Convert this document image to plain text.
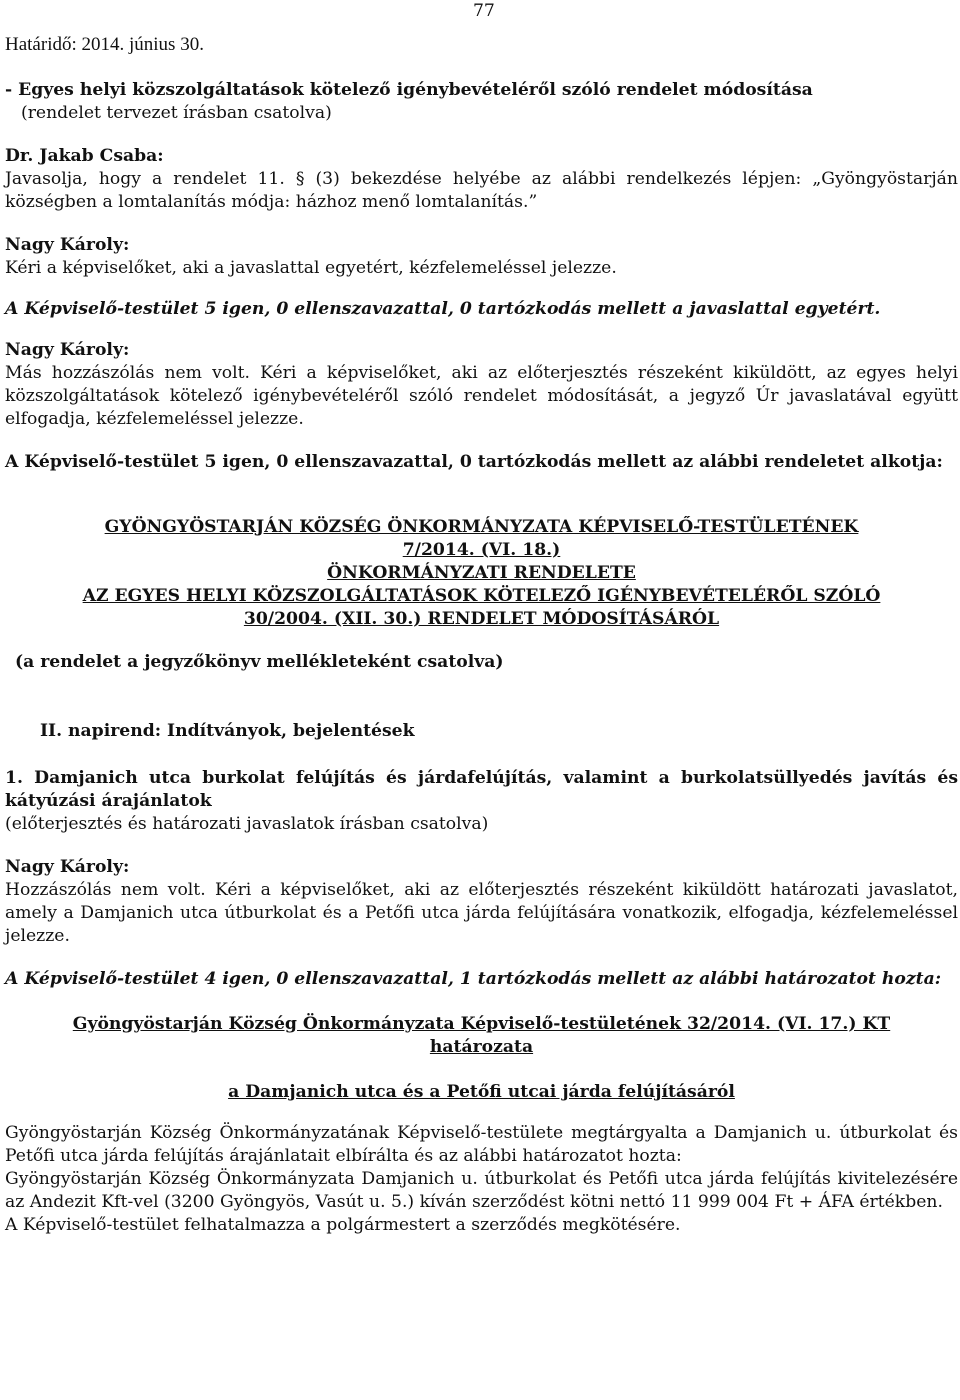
77
Határidő: 2014. június 30.

- Egyes helyi közszolgáltatások kötelező igénybevételéről szóló rendelet módosítása

(rendelet tervezet írásban csatolva)

Dr. Jakab Csaba:

Javasolja, hogy a rendelet 11. § (3) bekezdése helyébe az alábbi rendelkezés lépjen: „Gyöngyöstarján községben a lomtalanítás módja: házhoz menő lomtalanítás.”

Nagy Károly:

Kéri a képviselőket, aki a javaslattal egyetért, kézfelemeléssel jelezze.

A Képviselő-testület 5 igen, 0 ellenszavazattal, 0 tartózkodás mellett a javaslattal egyetért.

Nagy Károly:

Más hozzászólás nem volt. Kéri a képviselőket, aki az előterjesztés részeként kiküldött, az egyes helyi közszolgáltatások kötelező igénybevételéről szóló rendelet módosítását, a jegyző Úr javaslatával együtt elfogadja, kézfelemeléssel jelezze.

A Képviselő-testület 5 igen, 0 ellenszavazattal, 0 tartózkodás mellett az alábbi rendeletet alkotja:

GYÖNGYÖSTARJÁN KÖZSÉG ÖNKORMÁNYZATA KÉPVISELŐ-TESTÜLETÉNEK

7/2014. (VI. 18.)

ÖNKORMÁNYZATI RENDELETE

AZ EGYES HELYI KÖZSZOLGÁLTATÁSOK KÖTELEZŐ IGÉNYBEVÉTELÉRŐL SZÓLÓ

30/2004. (XII. 30.) RENDELET MÓDOSÍTÁSÁRÓL

(a rendelet a jegyzőkönyv mellékleteként csatolva)

II. napirend: Indítványok, bejelentések

1. Damjanich utca burkolat felújítás és járdafelújítás, valamint a burkolatsüllyedés javítás és kátyúzási árajánlatok

(előterjesztés és határozati javaslatok írásban csatolva)

Nagy Károly:

Hozzászólás nem volt. Kéri a képviselőket, aki az előterjesztés részeként kiküldött határozati javaslatot, amely a Damjanich utca útburkolat és a Petőfi utca járda felújítására vonatkozik, elfogadja, kézfelemeléssel jelezze.

A Képviselő-testület 4 igen, 0 ellenszavazattal, 1 tartózkodás mellett az alábbi határozatot hozta:

Gyöngyöstarján Község Önkormányzata Képviselő-testületének 32/2014. (VI. 17.) KT

határozata

a Damjanich utca és a Petőfi utcai járda felújításáról

Gyöngyöstarján Község Önkormányzatának Képviselő-testülete megtárgyalta a Damjanich u. útburkolat és Petőfi utca járda felújítás árajánlatait elbírálta és az alábbi határozatot hozta:

Gyöngyöstarján Község Önkormányzata Damjanich u. útburkolat és Petőfi utca járda felújítás kivitelezésére az Andezit Kft-vel (3200 Gyöngyös, Vasút u. 5.) kíván szerződést kötni nettó 11 999 004 Ft + ÁFA értékben.

A Képviselő-testület felhatalmazza a polgármestert a szerződés megkötésére.
